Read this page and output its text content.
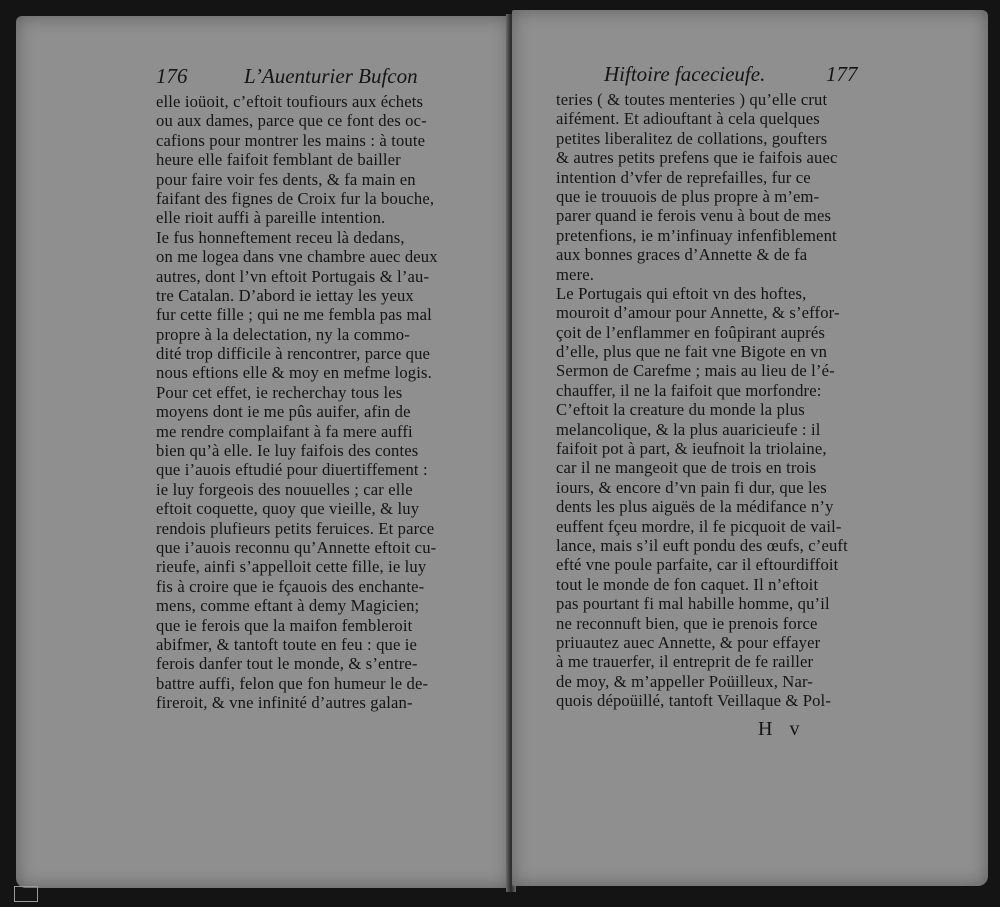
176	L’Auenturier Bufcon	Hiftoire facecieufe.	177
elle ioüoit, c’eftoit toufiours aux échets
ou aux dames, parce que ce font des oc-
cafions pour montrer les mains : à toute
heure elle faifoit femblant de bailler
pour faire voir fes dents, & fa main en
faifant des fignes de Croix fur la bouche,
elle rioit auffi à pareille intention.
Ie fus honneftement receu là dedans,
on me logea dans vne chambre auec deux
autres, dont l’vn eftoit Portugais & l’au-
tre Catalan. D’abord ie iettay les yeux
fur cette fille ; qui ne me fembla pas mal
propre à la delectation, ny la commo-
dité trop difficile à rencontrer, parce que
nous eftions elle & moy en mefme logis.
Pour cet effet, ie recherchay tous les
moyens dont ie me pûs auifer, afin de
me rendre complaifant à fa mere auffi
bien qu’à elle. Ie luy faifois des contes
que i’auois eftudié pour diuertiffement :
ie luy forgeois des nouuelles ; car elle
eftoit coquette, quoy que vieille, & luy
rendois plufieurs petits feruices. Et parce
que i’auois reconnu qu’Annette eftoit cu-
rieufe, ainfi s’appelloit cette fille, ie luy
fis à croire que ie fçauois des enchante-
mens, comme eftant à demy Magicien;
que ie ferois que la maifon fembleroit
abifmer, & tantoft toute en feu : que ie
ferois danfer tout le monde, & s’entre-
battre auffi, felon que fon humeur le de-
fireroit, & vne infinité d’autres galan-
teries ( & toutes menteries ) qu’elle crut
aifément. Et adiouftant à cela quelques
petites liberalitez de collations, goufters
& autres petits prefens que ie faifois auec
intention d’vfer de reprefailles, fur ce
que ie trouuois de plus propre à m’em-
parer quand ie ferois venu à bout de mes
pretenfions, ie m’infinuay infenfiblement
aux bonnes graces d’Annette & de fa
mere.
Le Portugais qui eftoit vn des hoftes,
mouroit d’amour pour Annette, & s’effor-
çoit de l’enflammer en foûpirant auprés
d’elle, plus que ne fait vne Bigote en vn
Sermon de Carefme ; mais au lieu de l’é-
chauffer, il ne la faifoit que morfondre:
C’eftoit la creature du monde la plus
melancolique, & la plus auaricieufe : il
faifoit pot à part, & ieufnoit la triolaine,
car il ne mangeoit que de trois en trois
iours, & encore d’vn pain fi dur, que les
dents les plus aiguës de la médifance n’y
euffent fçeu mordre, il fe picquoit de vail-
lance, mais s’il euft pondu des œufs, c’euft
efté vne poule parfaite, car il eftourdiffoit
tout le monde de fon caquet. Il n’eftoit
pas pourtant fi mal habille homme, qu’il
ne reconnuft bien, que ie prenois force
priuautez auec Annette, & pour effayer
à me trauerfer, il entreprit de fe railler
de moy, & m’appeller Poüilleux, Nar-
quois dépoüillé, tantoft Veillaque & Pol-
H v
